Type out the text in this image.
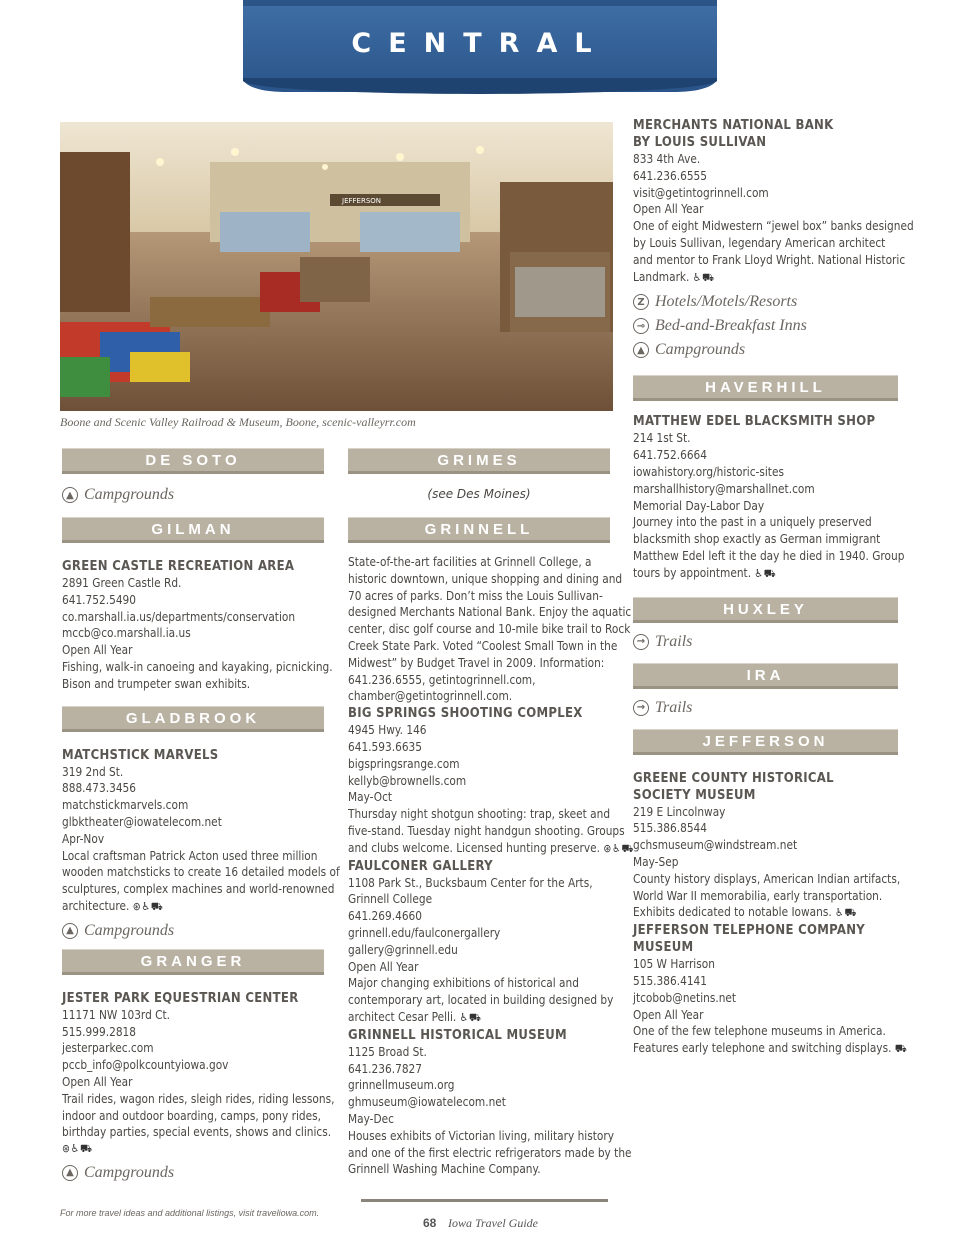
CENTRAL
JEFFERSON
Boone and Scenic Valley Railroad & Museum, Boone, scenic-valleyrr.com
DE SOTO
▲ Campgrounds
GILMAN

GREEN CASTLE RECREATION AREA

2891 Green Castle Rd.

641.752.5490

co.marshall.ia.us/departments/conservation

mccb@co.marshall.ia.us

Open All Year

Fishing, walk-in canoeing and kayaking, picnicking.

Bison and trumpeter swan exhibits.

GLADBROOK

MATCHSTICK MARVELS

319 2nd St.

888.473.3456

matchstickmarvels.com

glbktheater@iowatelecom.net

Apr-Nov

Local craftsman Patrick Acton used three million

wooden matchsticks to create 16 detailed models of

sculptures, complex machines and world-renowned

architecture. ⊛♿⛟

▲ Campgrounds
GRANGER

JESTER PARK EQUESTRIAN CENTER

11171 NW 103rd Ct.

515.999.2818

jesterparkec.com

pccb_info@polkcountyiowa.gov

Open All Year

Trail rides, wagon rides, sleigh rides, riding lessons,

indoor and outdoor boarding, camps, pony rides,

birthday parties, special events, shows and clinics.

⊛♿⛟

▲ Campgrounds
GRIMES
(see Des Moines)
GRINNELL

State-of-the-art facilities at Grinnell College, a

historic downtown, unique shopping and dining and

70 acres of parks. Don’t miss the Louis Sullivan-

designed Merchants National Bank. Enjoy the aquatic

center, disc golf course and 10-mile bike trail to Rock

Creek State Park. Voted “Coolest Small Town in the

Midwest” by Budget Travel in 2009. Information:

641.236.6555, getintogrinnell.com,

chamber@getintogrinnell.com.

BIG SPRINGS SHOOTING COMPLEX

4945 Hwy. 146

641.593.6635

bigspringsrange.com

kellyb@brownells.com

May-Oct

Thursday night shotgun shooting: trap, skeet and

five-stand. Tuesday night handgun shooting. Groups

and clubs welcome. Licensed hunting preserve. ⊛♿⛟

FAULCONER GALLERY

1108 Park St., Bucksbaum Center for the Arts,

Grinnell College

641.269.4660

grinnell.edu/faulconergallery

gallery@grinnell.edu

Open All Year

Major changing exhibitions of historical and

contemporary art, located in building designed by

architect Cesar Pelli. ♿⛟

GRINNELL HISTORICAL MUSEUM

1125 Broad St.

641.236.7827

grinnellmuseum.org

ghmuseum@iowatelecom.net

May-Dec

Houses exhibits of Victorian living, military history

and one of the first electric refrigerators made by the

Grinnell Washing Machine Company.

MERCHANTS NATIONAL BANK

BY LOUIS SULLIVAN

833 4th Ave.

641.236.6555

visit@getintogrinnell.com

Open All Year

One of eight Midwestern “jewel box” banks designed

by Louis Sullivan, legendary American architect

and mentor to Frank Lloyd Wright. National Historic

Landmark. ♿⛟

Z Hotels/Motels/Resorts
⊸ Bed-and-Breakfast Inns
▲ Campgrounds
HAVERHILL

MATTHEW EDEL BLACKSMITH SHOP

214 1st St.

641.752.6664

iowahistory.org/historic-sites

marshallhistory@marshallnet.com

Memorial Day-Labor Day

Journey into the past in a uniquely preserved

blacksmith shop exactly as German immigrant

Matthew Edel left it the day he died in 1940. Group

tours by appointment. ♿⛟

HUXLEY
→ Trails
IRA
→ Trails
JEFFERSON

GREENE COUNTY HISTORICAL

SOCIETY MUSEUM

219 E Lincolnway

515.386.8544

gchsmuseum@windstream.net

May-Sep

County history displays, American Indian artifacts,

World War II memorabilia, early transportation.

Exhibits dedicated to notable Iowans. ♿⛟

JEFFERSON TELEPHONE COMPANY MUSEUM

105 W Harrison

515.386.4141

jtcobob@netins.net

Open All Year

One of the few telephone museums in America.

Features early telephone and switching displays. ⛟

For more travel ideas and additional listings, visit traveliowa.com.
68 Iowa Travel Guide
